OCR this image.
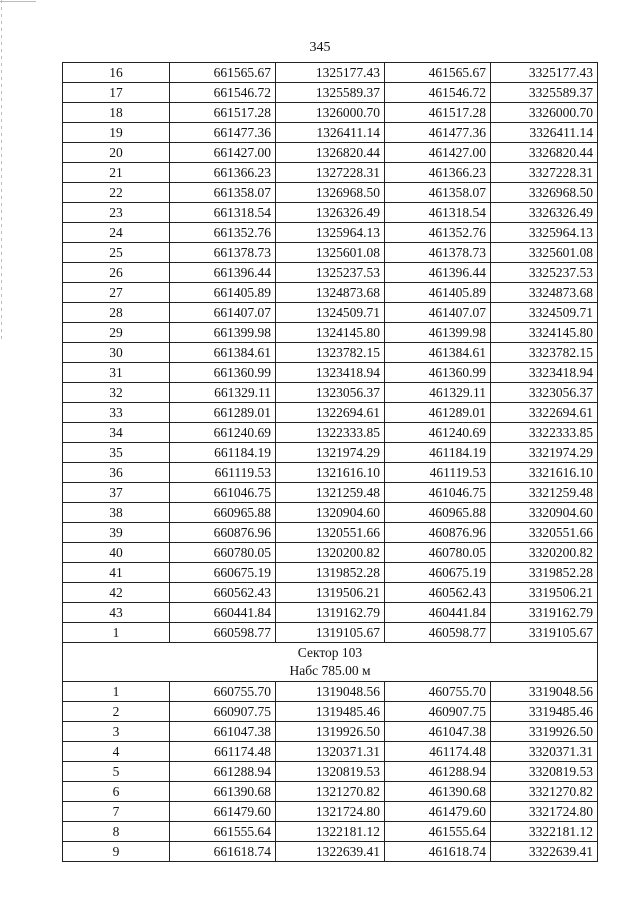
345
16	661565.67	1325177.43	461565.67	3325177.43
17	661546.72	1325589.37	461546.72	3325589.37
18	661517.28	1326000.70	461517.28	3326000.70
19	661477.36	1326411.14	461477.36	3326411.14
20	661427.00	1326820.44	461427.00	3326820.44
21	661366.23	1327228.31	461366.23	3327228.31
22	661358.07	1326968.50	461358.07	3326968.50
23	661318.54	1326326.49	461318.54	3326326.49
24	661352.76	1325964.13	461352.76	3325964.13
25	661378.73	1325601.08	461378.73	3325601.08
26	661396.44	1325237.53	461396.44	3325237.53
27	661405.89	1324873.68	461405.89	3324873.68
28	661407.07	1324509.71	461407.07	3324509.71
29	661399.98	1324145.80	461399.98	3324145.80
30	661384.61	1323782.15	461384.61	3323782.15
31	661360.99	1323418.94	461360.99	3323418.94
32	661329.11	1323056.37	461329.11	3323056.37
33	661289.01	1322694.61	461289.01	3322694.61
34	661240.69	1322333.85	461240.69	3322333.85
35	661184.19	1321974.29	461184.19	3321974.29
36	661119.53	1321616.10	461119.53	3321616.10
37	661046.75	1321259.48	461046.75	3321259.48
38	660965.88	1320904.60	460965.88	3320904.60
39	660876.96	1320551.66	460876.96	3320551.66
40	660780.05	1320200.82	460780.05	3320200.82
41	660675.19	1319852.28	460675.19	3319852.28
42	660562.43	1319506.21	460562.43	3319506.21
43	660441.84	1319162.79	460441.84	3319162.79
1	660598.77	1319105.67	460598.77	3319105.67

Сектор 103
Набс 785.00 м				

1	660755.70	1319048.56	460755.70	3319048.56
2	660907.75	1319485.46	460907.75	3319485.46
3	661047.38	1319926.50	461047.38	3319926.50
4	661174.48	1320371.31	461174.48	3320371.31
5	661288.94	1320819.53	461288.94	3320819.53
6	661390.68	1321270.82	461390.68	3321270.82
7	661479.60	1321724.80	461479.60	3321724.80
8	661555.64	1322181.12	461555.64	3322181.12
9	661618.74	1322639.41	461618.74	3322639.41
